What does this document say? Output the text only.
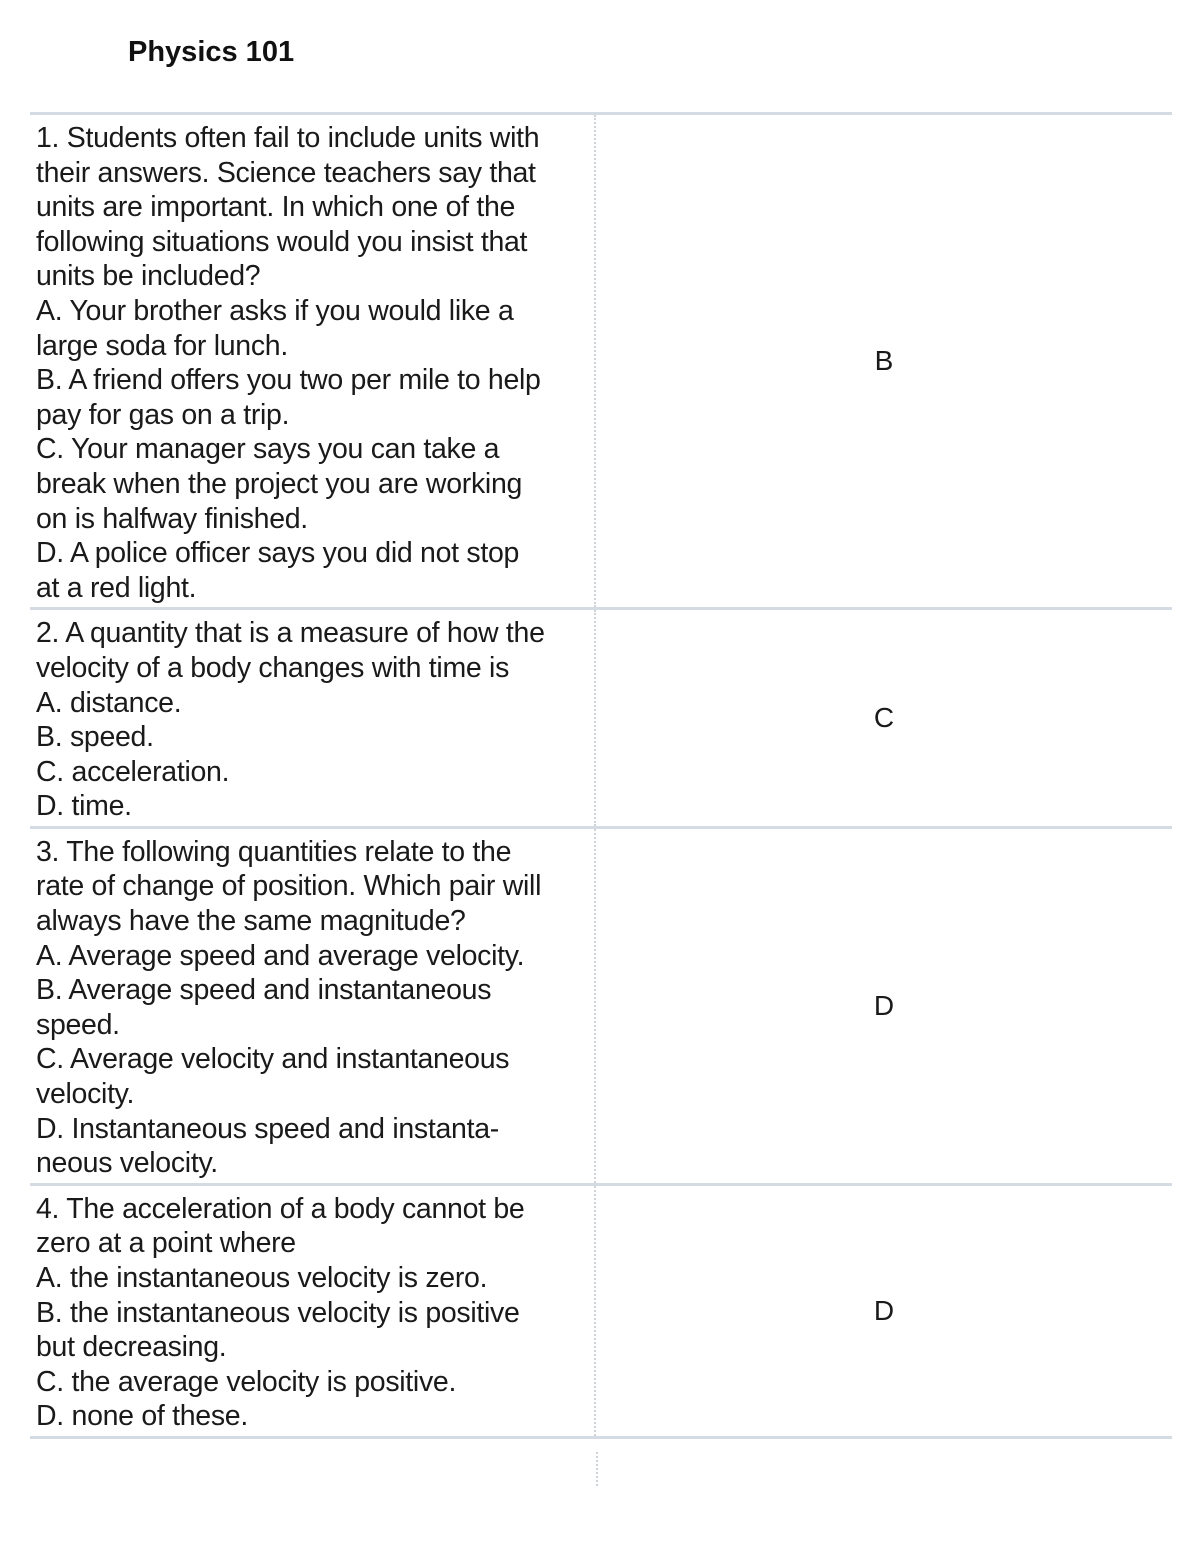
Physics 101
1. Students often fail to include units with
their answers. Science teachers say that
units are important. In which one of the
following situations would you insist that
units be included?
A. Your brother asks if you would like a
large soda for lunch.
B. A friend offers you two per mile to help
pay for gas on a trip.
C. Your manager says you can take a
break when the project you are working
on is halfway finished.
D. A police officer says you did not stop
at a red light.
B
2. A quantity that is a measure of how the
velocity of a body changes with time is
A. distance.
B. speed.
C. acceleration.
D. time.
C
3. The following quantities relate to the
rate of change of position. Which pair will
always have the same magnitude?
A. Average speed and average velocity.
B. Average speed and instantaneous
speed.
C. Average velocity and instantaneous
velocity.
D. Instantaneous speed and instanta-
neous velocity.
D
4. The acceleration of a body cannot be
zero at a point where
A. the instantaneous velocity is zero.
B. the instantaneous velocity is positive
but decreasing.
C. the average velocity is positive.
D. none of these.
D
